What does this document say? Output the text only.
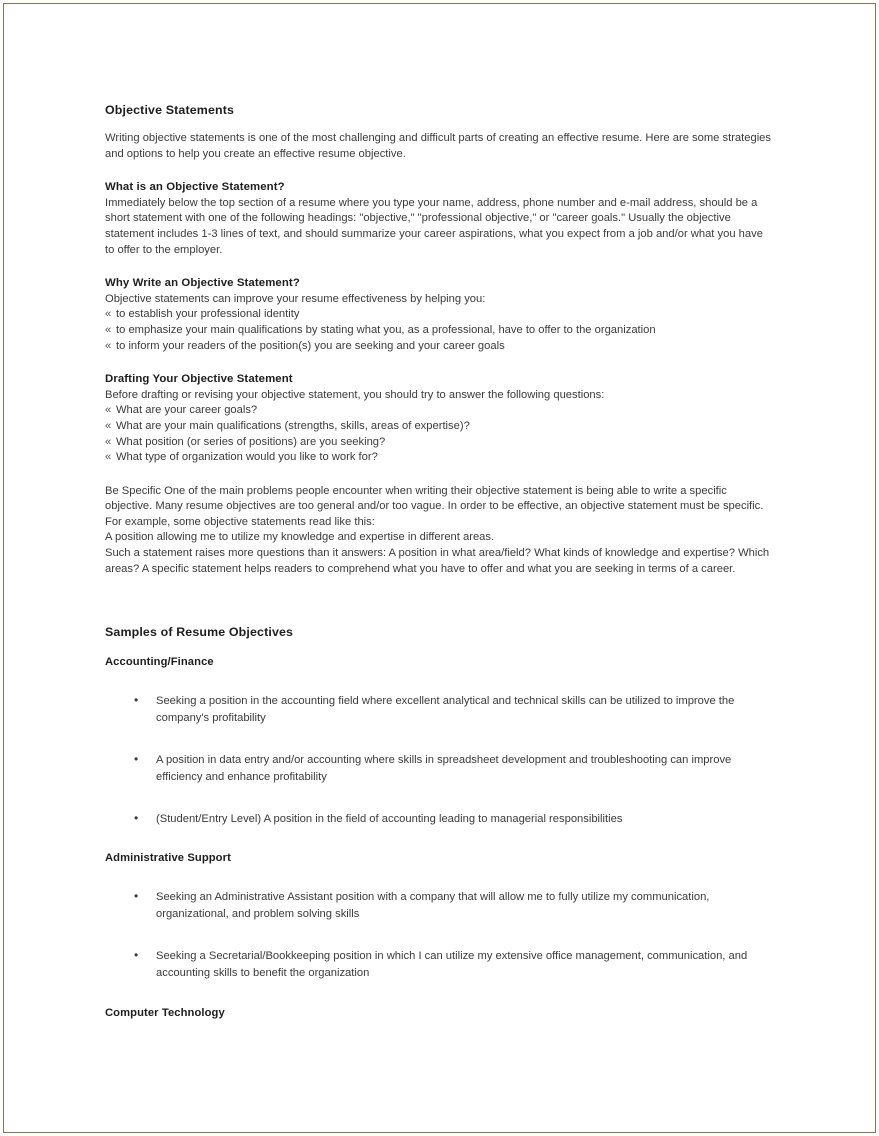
Objective Statements

Writing objective statements is one of the most challenging and difficult parts of creating an effective resume. Here are some strategies and options to help you create an effective resume objective.

What is an Objective Statement?

Immediately below the top section of a resume where you type your name, address, phone number and e-mail address, should be a short statement with one of the following headings: "objective," "professional objective," or "career goals." Usually the objective statement includes 1-3 lines of text, and should summarize your career aspirations, what you expect from a job and/or what you have to offer to the employer.

Why Write an Objective Statement?

Objective statements can improve your resume effectiveness by helping you:

« to establish your professional identity
« to emphasize your main qualifications by stating what you, as a professional, have to offer to the organization
« to inform your readers of the position(s) you are seeking and your career goals
Drafting Your Objective Statement

Before drafting or revising your objective statement, you should try to answer the following questions:

« What are your career goals?
« What are your main qualifications (strengths, skills, areas of expertise)?
« What position (or series of positions) are you seeking?
« What type of organization would you like to work for?

Be Specific One of the main problems people encounter when writing their objective statement is being able to write a specific objective. Many resume objectives are too general and/or too vague. In order to be effective, an objective statement must be specific. For example, some objective statements read like this:

A position allowing me to utilize my knowledge and expertise in different areas.

Such a statement raises more questions than it answers: A position in what area/field? What kinds of knowledge and expertise? Which areas? A specific statement helps readers to comprehend what you have to offer and what you are seeking in terms of a career.

Samples of Resume Objectives
Accounting/Finance
• Seeking a position in the accounting field where excellent analytical and technical skills can be utilized to improve the company's profitability
• A position in data entry and/or accounting where skills in spreadsheet development and troubleshooting can improve efficiency and enhance profitability
• (Student/Entry Level) A position in the field of accounting leading to managerial responsibilities
Administrative Support
• Seeking an Administrative Assistant position with a company that will allow me to fully utilize my communication, organizational, and problem solving skills
• Seeking a Secretarial/Bookkeeping position in which I can utilize my extensive office management, communication, and accounting skills to benefit the organization
Computer Technology
